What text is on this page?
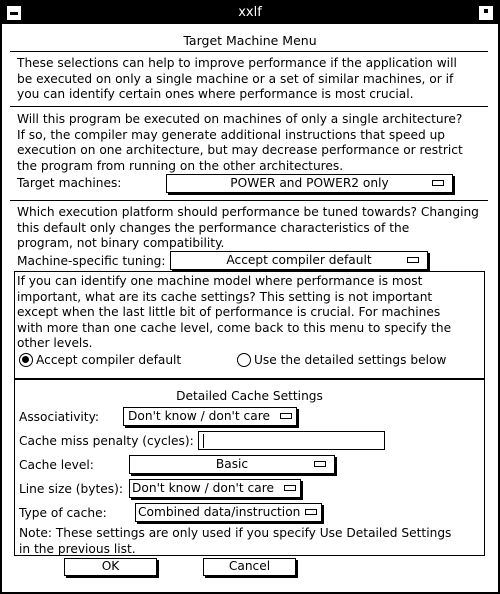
xxlf
Target Machine Menu
These selections can help to improve performance if the application will
be executed on only a single machine or a set of similar machines, or if
you can identify certain ones where performance is most crucial.
Will this program be executed on machines of only a single architecture?
If so, the compiler may generate additional instructions that speed up
execution on one architecture, but may decrease performance or restrict
the program from running on the other architectures.
Target machines:	POWER and POWER2 only
Which execution platform should performance be tuned towards? Changing
this default only changes the performance characteristics of the
program, not binary compatibility.
Machine-specific tuning:	Accept compiler default
If you can identify one machine model where performance is most
important, what are its cache settings? This setting is not important
except when the last little bit of performance is crucial. For machines
with more than one cache level, come back to this menu to specify the
other levels.
Accept compiler default	Use the detailed settings below
Detailed Cache Settings
Associativity: Don't know / don't care
Cache miss penalty (cycles):
Cache level:	Basic
Line size (bytes): Don't know / don't care
Type of cache:	Combined data/instruction
Note: These settings are only used if you specify Use Detailed Settings
in the previous list.
OK	Cancel
